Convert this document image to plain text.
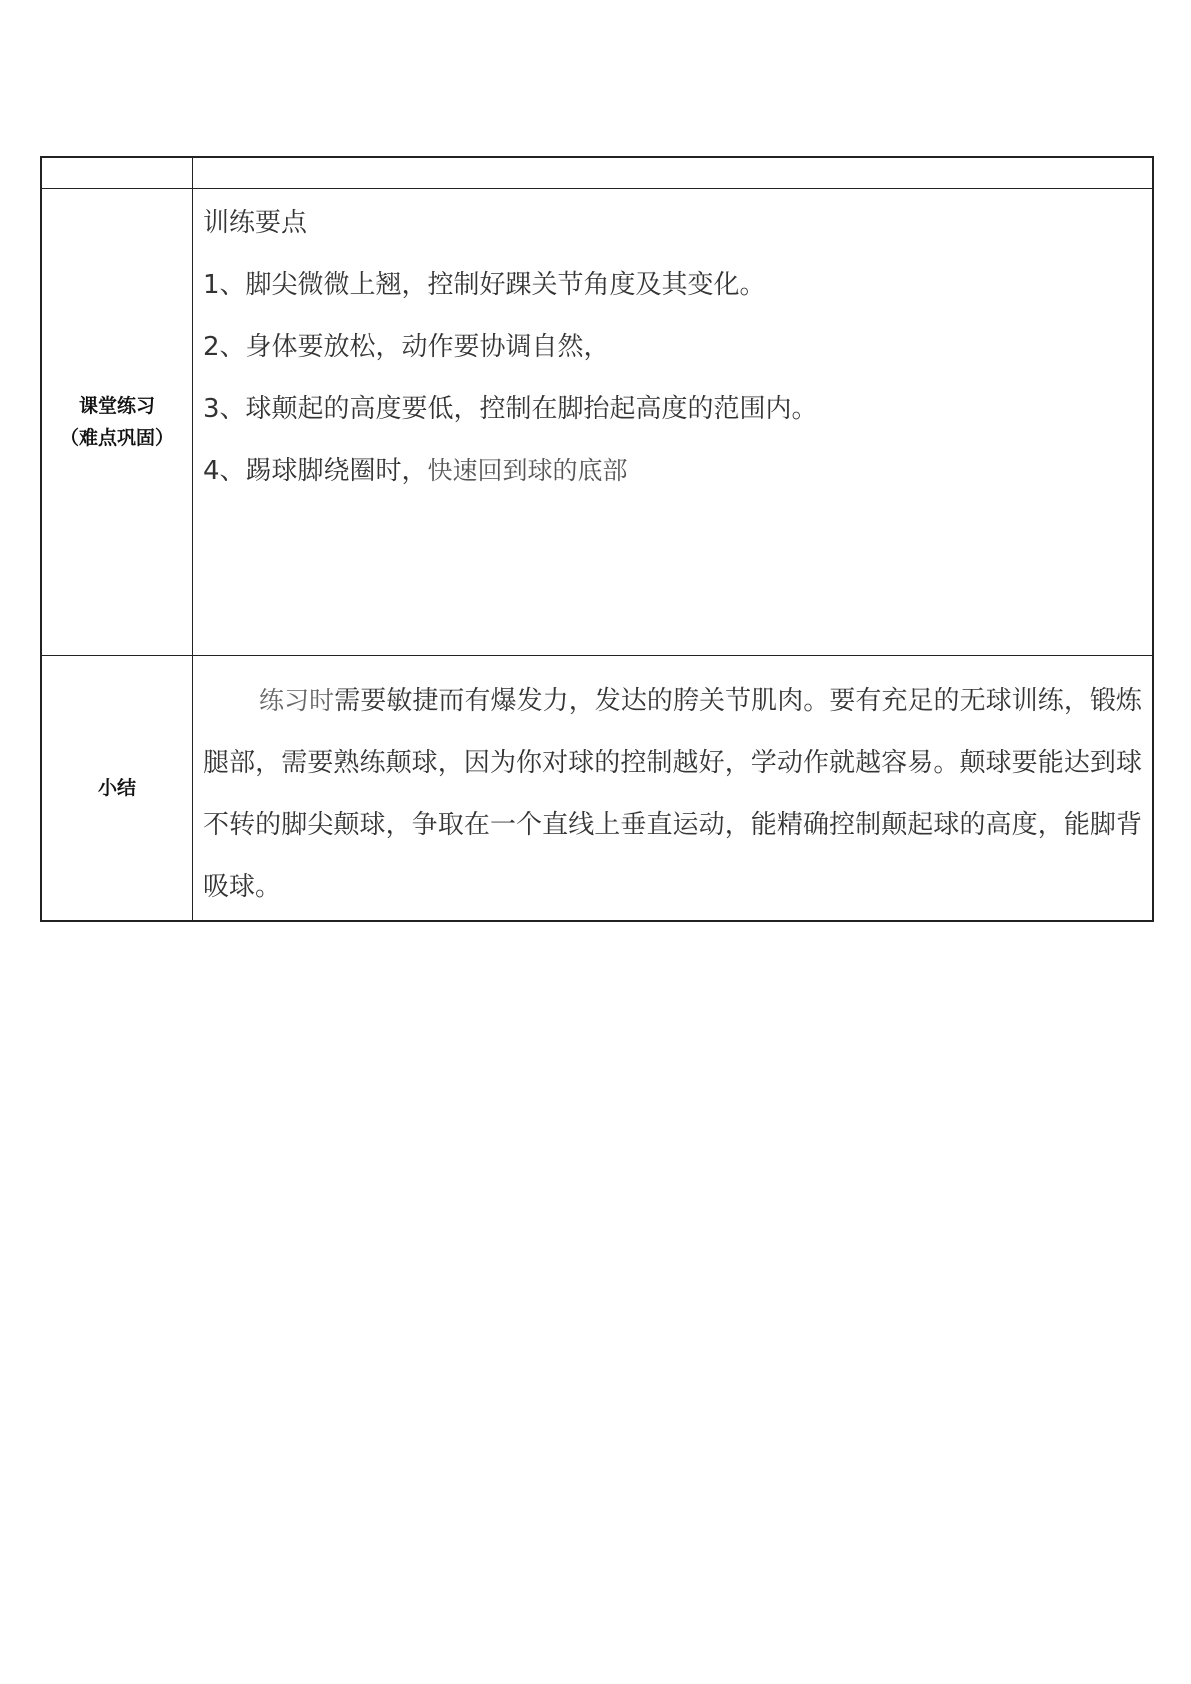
课堂练习
（难点巩固）	训练要点
1、脚尖微微上翘，控制好踝关节角度及其变化。
2、身体要放松，动作要协调自然，
3、球颠起的高度要低，控制在脚抬起高度的范围内。
4、踢球脚绕圈时，快速回到球的底部

小结	练习时需要敏捷而有爆发力，发达的胯关节肌肉。要有充足的无球训练，锻炼腿部，需要熟练颠球，因为你对球的控制越好，学动作就越容易。颠球要能达到球不转的脚尖颠球，争取在一个直线上垂直运动，能精确控制颠起球的高度，能脚背吸球。
